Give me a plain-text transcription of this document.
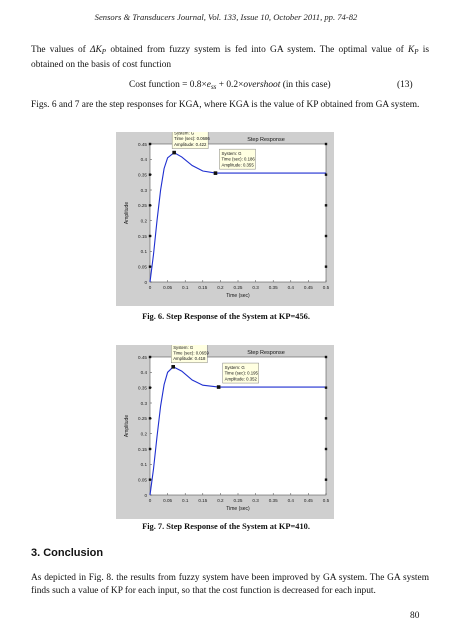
Sensors & Transducers Journal, Vol. 133, Issue 10, October 2011, pp. 74-82
The values of $\Delta K_P$ obtained from fuzzy system is fed into GA system. The optimal value of $K_P$ is obtained on the basis of cost function
Cost function = $0.8\times e_{ss}$ + 0.2×overshoot (in this case)	(13)
Figs. 6 and 7 are the step responses for KGA, where KGA is the value of KP obtained from GA system.
Step Response
0.45
0.4
0.35
0.3
0.25
0.2
0.15
0.1
0.05
0
0	0.05 0.1 0.15 0.2 0.25 0.3 0.35 0.4 0.45 0.5
Time (sec)
Amplitude
System: G
Time (sec): 0.0686
Amplitude: 0.422
System: G
Time (sec): 0.186
Amplitude: 0.355
Fig. 6. Step Response of the System at KP=456.
Step Response
0.45
0.4
0.35
0.3
0.25
0.2
0.15
0.1
0.05
0
0	0.05 0.1 0.15 0.2 0.25 0.3 0.35 0.4 0.45 0.5
Time (sec)
Amplitude
System: G
Time (sec): 0.0659
Amplitude: 0.418
System: G
Time (sec): 0.195
Amplitude: 0.352
Fig. 7. Step Response of the System at KP=410.
3. Conclusion
As depicted in Fig. 8. the results from fuzzy system have been improved by GA system. The GA system finds such a value of KP for each input, so that the cost function is decreased for each input.
80
